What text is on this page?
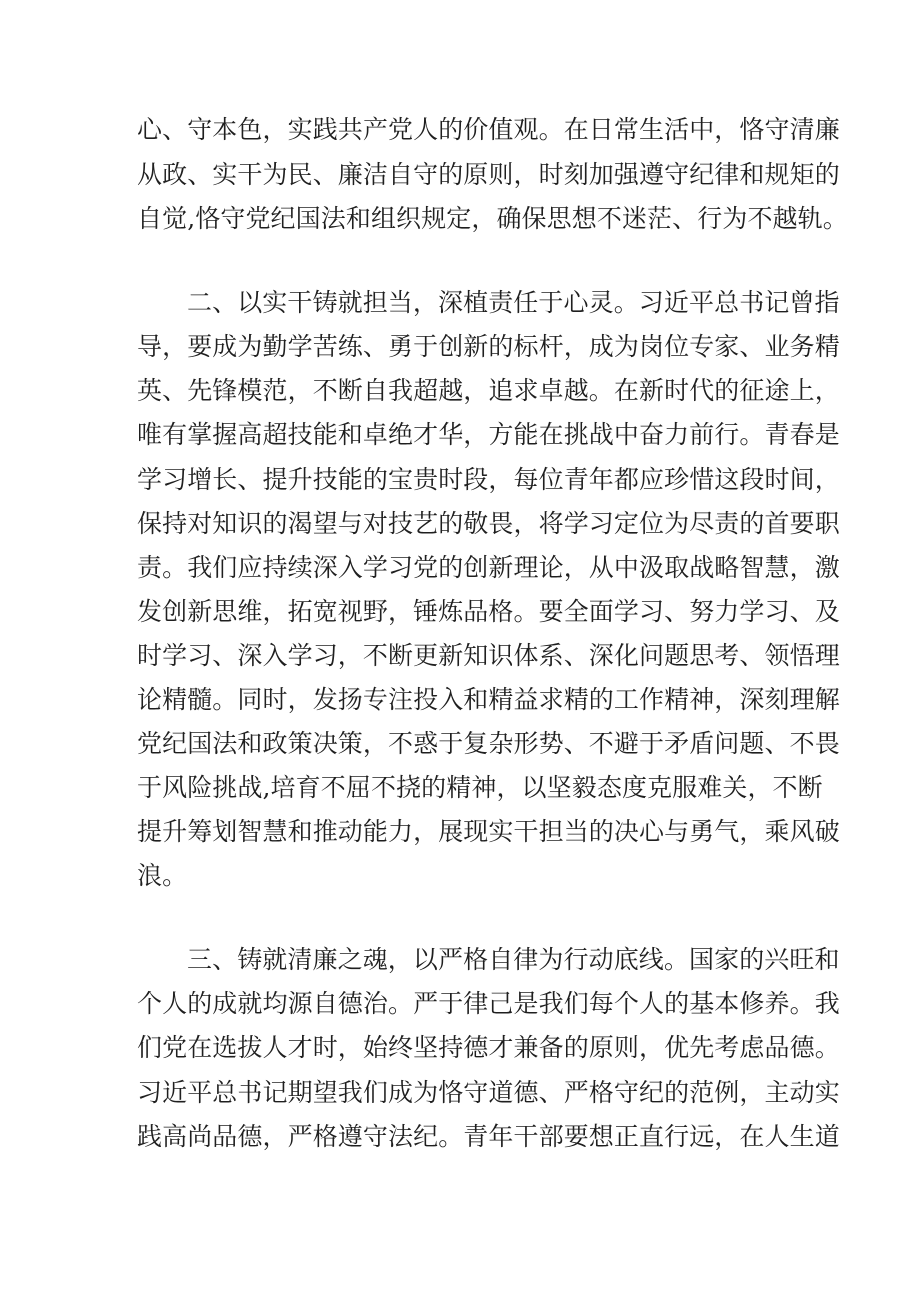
心、守本色，实践共产党人的价值观。在日常生活中，恪守清廉
从政、实干为民、廉洁自守的原则，时刻加强遵守纪律和规矩的
自觉,恪守党纪国法和组织规定，确保思想不迷茫、行为不越轨。
二、以实干铸就担当，深植责任于心灵。习近平总书记曾指
导，要成为勤学苦练、勇于创新的标杆，成为岗位专家、业务精
英、先锋模范，不断自我超越，追求卓越。在新时代的征途上，
唯有掌握高超技能和卓绝才华，方能在挑战中奋力前行。青春是
学习增长、提升技能的宝贵时段，每位青年都应珍惜这段时间，
保持对知识的渴望与对技艺的敬畏，将学习定位为尽责的首要职
责。我们应持续深入学习党的创新理论，从中汲取战略智慧，激
发创新思维，拓宽视野，锤炼品格。要全面学习、努力学习、及
时学习、深入学习，不断更新知识体系、深化问题思考、领悟理
论精髓。同时，发扬专注投入和精益求精的工作精神，深刻理解
党纪国法和政策决策，不惑于复杂形势、不避于矛盾问题、不畏
于风险挑战,培育不屈不挠的精神，以坚毅态度克服难关，不断
提升筹划智慧和推动能力，展现实干担当的决心与勇气，乘风破
浪。
三、铸就清廉之魂，以严格自律为行动底线。国家的兴旺和
个人的成就均源自德治。严于律己是我们每个人的基本修养。我
们党在选拔人才时，始终坚持德才兼备的原则，优先考虑品德。
习近平总书记期望我们成为恪守道德、严格守纪的范例，主动实
践高尚品德，严格遵守法纪。青年干部要想正直行远，在人生道
